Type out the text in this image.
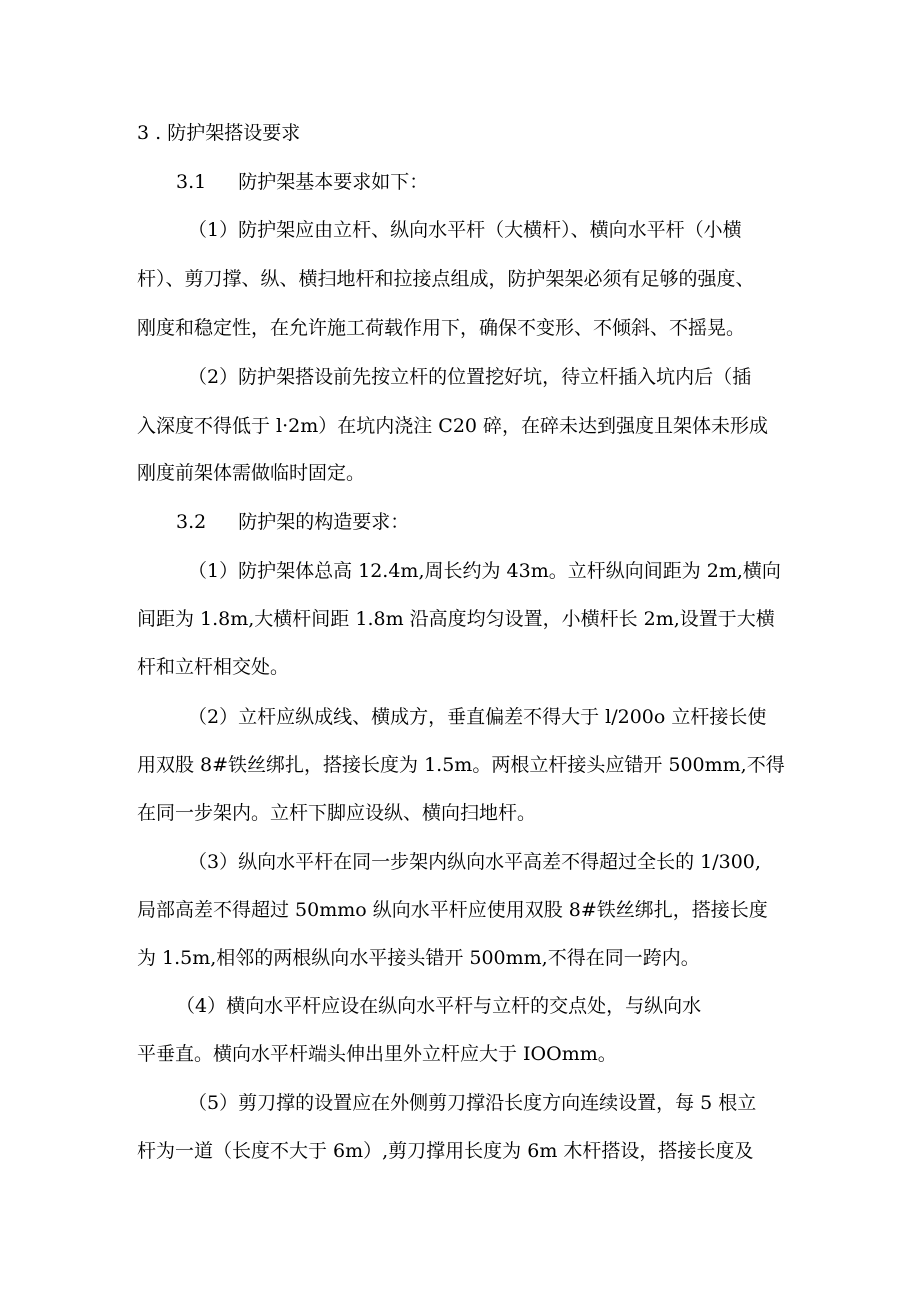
3 . 防护架搭设要求
3.1 防护架基本要求如下：
（1）防护架应由立杆、纵向水平杆（大横杆）、横向水平杆（小横
杆）、剪刀撑、纵、横扫地杆和拉接点组成，防护架架必须有足够的强度、
刚度和稳定性，在允许施工荷载作用下，确保不变形、不倾斜、不摇晃。
（2）防护架搭设前先按立杆的位置挖好坑，待立杆插入坑内后（插
入深度不得低于 l·2m）在坑内浇注 C20 碎，在碎未达到强度且架体未形成
刚度前架体需做临时固定。
3.2 防护架的构造要求：
（1）防护架体总高 12.4m,周长约为 43m。立杆纵向间距为 2m,横向
间距为 1.8m,大横杆间距 1.8m 沿高度均匀设置，小横杆长 2m,设置于大横
杆和立杆相交处。
（2）立杆应纵成线、横成方，垂直偏差不得大于 l/200o 立杆接长使
用双股 8#铁丝绑扎，搭接长度为 1.5m。两根立杆接头应错开 500mm,不得
在同一步架内。立杆下脚应设纵、横向扫地杆。
（3）纵向水平杆在同一步架内纵向水平高差不得超过全长的 1/300,
局部高差不得超过 50mmo 纵向水平杆应使用双股 8#铁丝绑扎，搭接长度
为 1.5m,相邻的两根纵向水平接头错开 500mm,不得在同一跨内。
（4）横向水平杆应设在纵向水平杆与立杆的交点处，与纵向水
平垂直。横向水平杆端头伸出里外立杆应大于 IOOmm。
（5）剪刀撑的设置应在外侧剪刀撑沿长度方向连续设置，每 5 根立
杆为一道（长度不大于 6m）,剪刀撑用长度为 6m 木杆搭设，搭接长度及
